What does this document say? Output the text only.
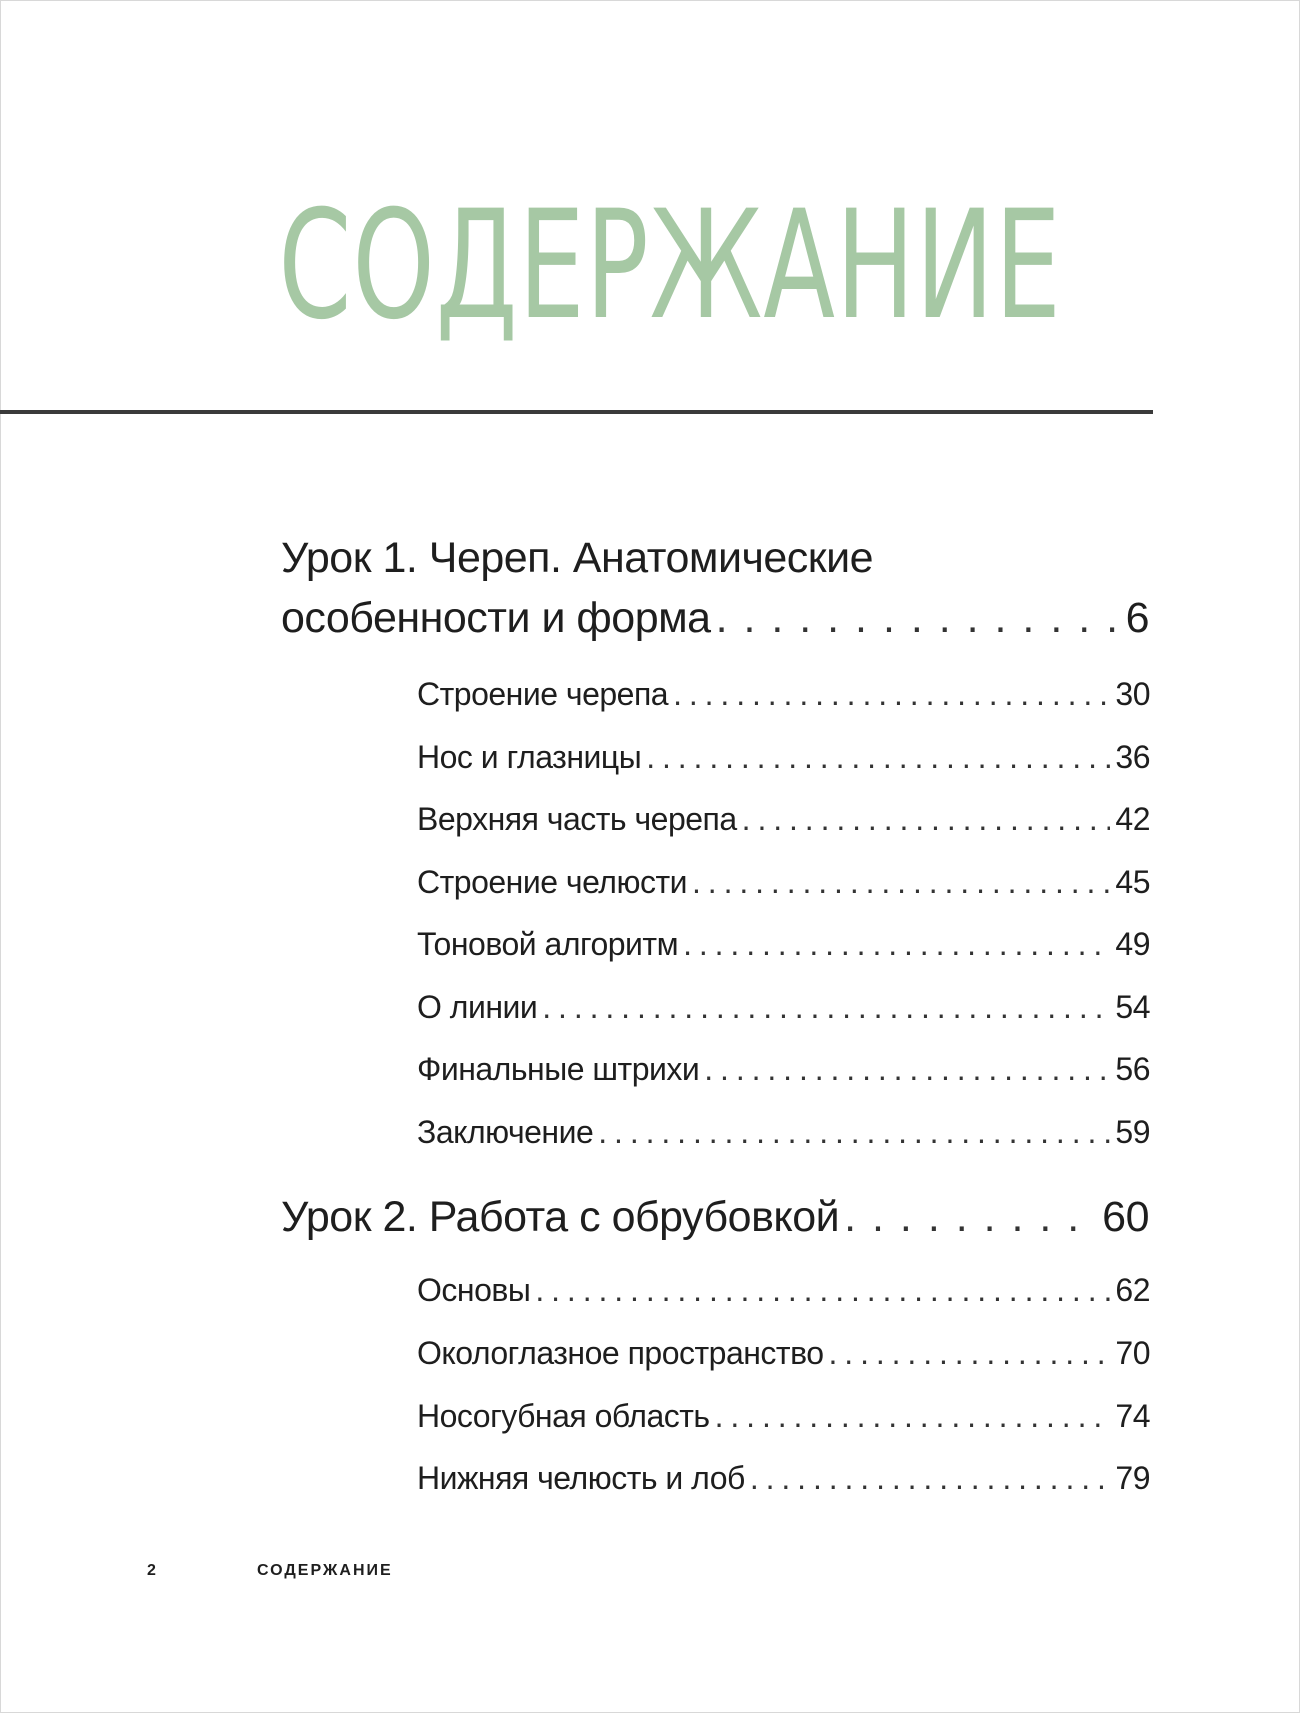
СОДЕРЖАНИЕ
Урок 1. Череп. Анатомические
особенности и форма . . .	6
Строение черепа . . .	30
Нос и глазницы . . .	36
Верхняя часть черепа . . .	42
Строение челюсти . . .	45
Тоновой алгоритм . . .	49
О линии . . .	54
Финальные штрихи . . .	56
Заключение . . .	59
Урок 2. Работа с обрубовкой . . .	60
Основы . . .	62
Окологлазное пространство . . .	70
Носогубная область . . .	74
Нижняя челюсть и лоб . . .	79
2	СОДЕРЖАНИЕ
